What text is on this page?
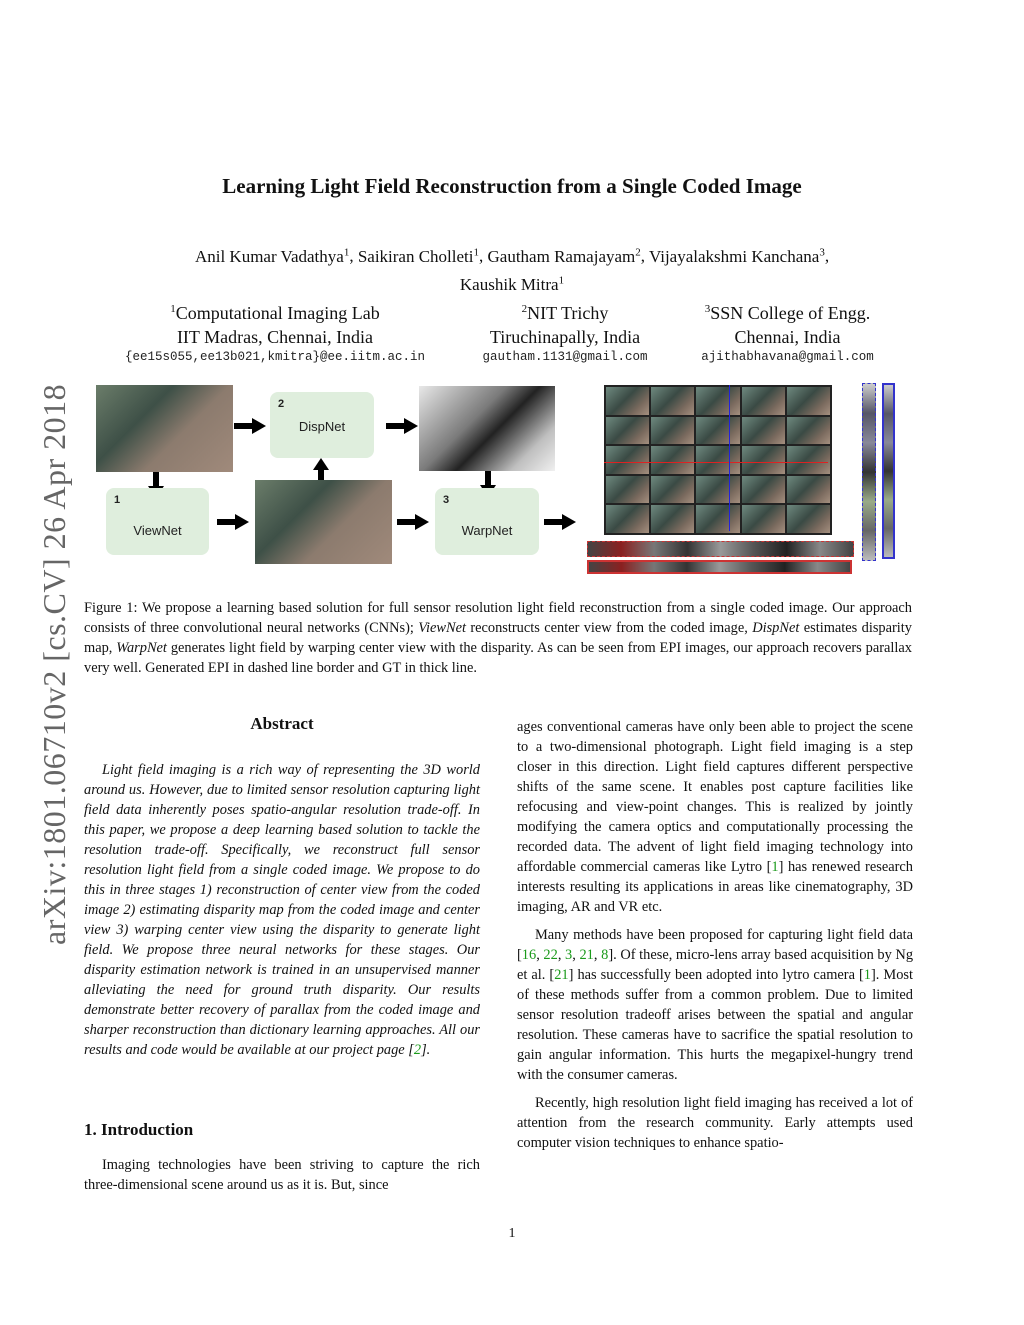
arXiv:1801.06710v2 [cs.CV] 26 Apr 2018
Learning Light Field Reconstruction from a Single Coded Image
Anil Kumar Vadathya$^1$, Saikiran Cholleti$^1$, Gautham Ramajayam$^2$, Vijayalakshmi Kanchana$^3$,
Kaushik Mitra$^1$
$^1$Computational Imaging Lab
IIT Madras, Chennai, India
$^2$NIT Trichy
Tiruchinapally, India
$^3$SSN College of Engg.
Chennai, India
{ee15s055,ee13b021,kmitra}@ee.iitm.ac.in	gautham.1131@gmail.com	ajithabhavana@gmail.com
1
ViewNet
2
DispNet
3
WarpNet
Figure 1: We propose a learning based solution for full sensor resolution light field reconstruction from a single coded image. Our approach consists of three convolutional neural networks (CNNs); ViewNet reconstructs center view from the coded image, DispNet estimates disparity map, WarpNet generates light field by warping center view with the disparity. As can be seen from EPI images, our approach recovers parallax very well. Generated EPI in dashed line border and GT in thick line.
Abstract
Light field imaging is a rich way of representing the 3D world around us. However, due to limited sensor resolution capturing light field data inherently poses spatio-angular resolution trade-off. In this paper, we propose a deep learning based solution to tackle the resolution trade-off. Specifically, we reconstruct full sensor resolution light field from a single coded image. We propose to do this in three stages 1) reconstruction of center view from the coded image 2) estimating disparity map from the coded image and center view 3) warping center view using the disparity to generate light field. We propose three neural networks for these stages. Our disparity estimation network is trained in an unsupervised manner alleviating the need for ground truth disparity. Our results demonstrate better recovery of parallax from the coded image and sharper reconstruction than dictionary learning approaches. All our results and code would be available at our project page [2].
1. Introduction
Imaging technologies have been striving to capture the rich three-dimensional scene around us as it is. But, since

ages conventional cameras have only been able to project the scene to a two-dimensional photograph. Light field imaging is a step closer in this direction. Light field captures different perspective shifts of the same scene. It enables post capture facilities like refocusing and view-point changes. This is realized by jointly modifying the camera optics and computationally processing the recorded data. The advent of light field imaging technology into affordable commercial cameras like Lytro [1] has renewed research interests resulting its applications in areas like cinematography, 3D imaging, AR and VR etc.

Many methods have been proposed for capturing light field data [16, 22, 3, 21, 8]. Of these, micro-lens array based acquisition by Ng et al. [21] has successfully been adopted into lytro camera [1]. Most of these methods suffer from a common problem. Due to limited sensor resolution tradeoff arises between the spatial and angular resolution. These cameras have to sacrifice the spatial resolution to gain angular information. This hurts the megapixel-hungry trend with the consumer cameras.

Recently, high resolution light field imaging has received a lot of attention from the research community. Early attempts used computer vision techniques to enhance spatio-

1
